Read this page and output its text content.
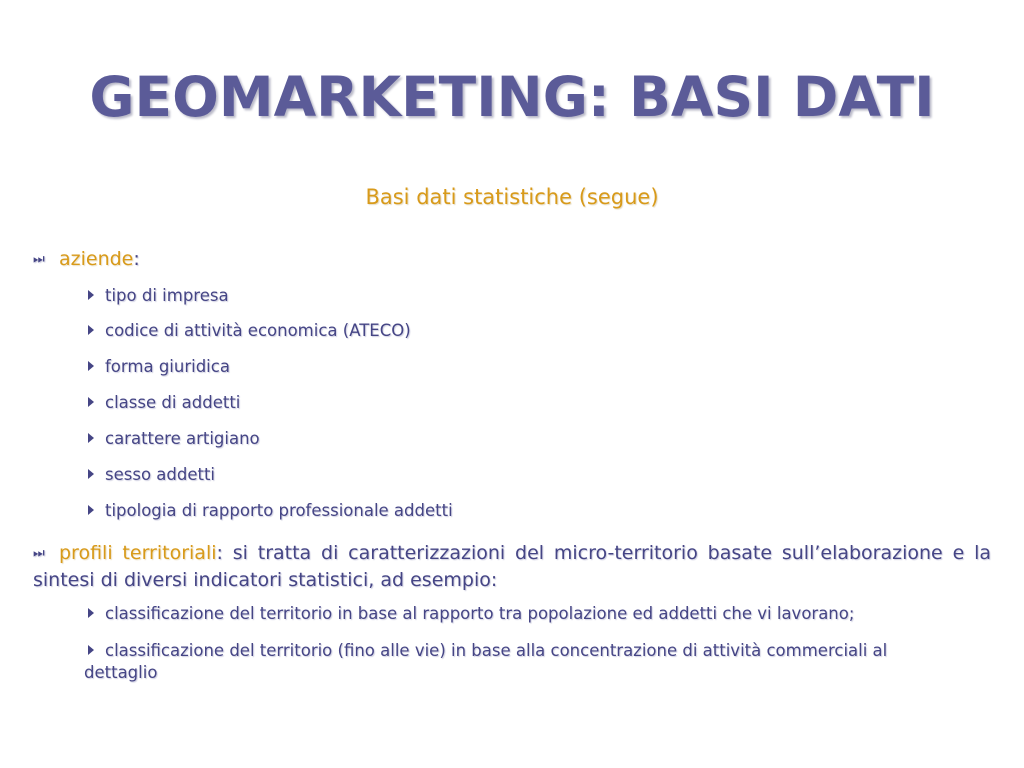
GEOMARKETING: BASI DATI
Basi dati statistiche (segue)
⏭ aziende:
tipo di impresa
codice di attività economica (ATECO)
forma giuridica
classe di addetti
carattere artigiano
sesso addetti
tipologia di rapporto professionale addetti
⏭ profili territoriali: si tratta di caratterizzazioni del micro-territorio basate sull’elaborazione e la sintesi di diversi indicatori statistici, ad esempio:
classificazione del territorio in base al rapporto tra popolazione ed addetti che vi lavorano;
classificazione del territorio (fino alle vie) in base alla concentrazione di attività commerciali al dettaglio
